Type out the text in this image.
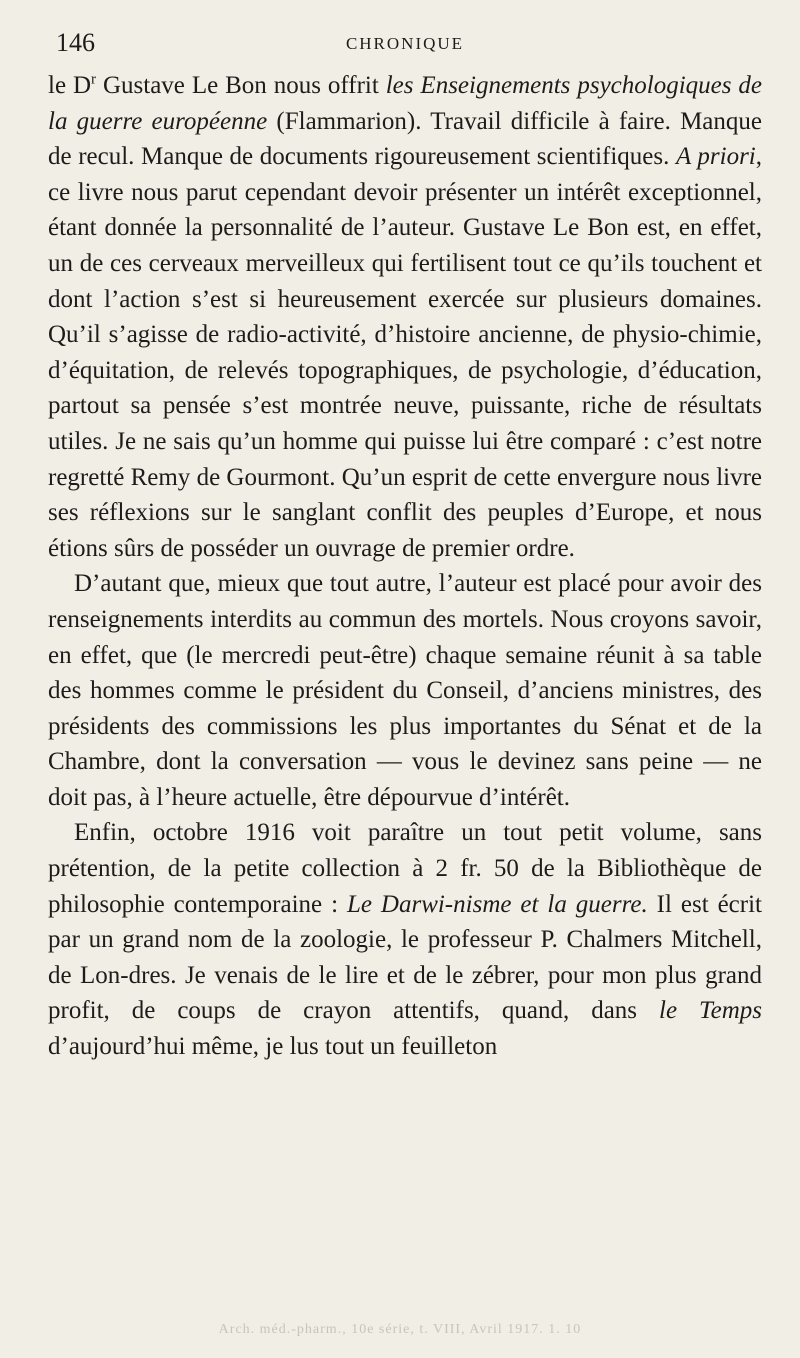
146	CHRONIQUE

le $D^r$ Gustave Le Bon nous offrit les Enseignements psychologiques de la guerre européenne (Flammarion). Travail difficile à faire. Manque de recul. Manque de documents rigoureusement scientifiques. A priori, ce livre nous parut cependant devoir présenter un intérêt exceptionnel, étant donnée la personnalité de l’auteur. Gustave Le Bon est, en effet, un de ces cerveaux merveilleux qui fertilisent tout ce qu’ils touchent et dont l’action s’est si heureusement exercée sur plusieurs domaines. Qu’il s’agisse de radio-activité, d’histoire ancienne, de physio-chimie, d’équitation, de relevés topographiques, de psychologie, d’éducation, partout sa pensée s’est montrée neuve, puissante, riche de résultats utiles. Je ne sais qu’un homme qui puisse lui être comparé : c’est notre regretté Remy de Gourmont. Qu’un esprit de cette envergure nous livre ses réflexions sur le sanglant conflit des peuples d’Europe, et nous étions sûrs de posséder un ouvrage de premier ordre.

D’autant que, mieux que tout autre, l’auteur est placé pour avoir des renseignements interdits au commun des mortels. Nous croyons savoir, en effet, que (le mercredi peut-être) chaque semaine réunit à sa table des hommes comme le président du Conseil, d’anciens ministres, des présidents des commissions les plus importantes du Sénat et de la Chambre, dont la conversation — vous le devinez sans peine — ne doit pas, à l’heure actuelle, être dépourvue d’intérêt.

Enfin, octobre 1916 voit paraître un tout petit volume, sans prétention, de la petite collection à 2 fr. 50 de la Bibliothèque de philosophie contemporaine : Le Darwi-nisme et la guerre. Il est écrit par un grand nom de la zoologie, le professeur P. Chalmers Mitchell, de Lon-dres. Je venais de le lire et de le zébrer, pour mon plus grand profit, de coups de crayon attentifs, quand, dans le Temps d’aujourd’hui même, je lus tout un feuilleton

Arch. méd.-pharm., 10e série, t. VIII, Avril 1917. 1. 10
